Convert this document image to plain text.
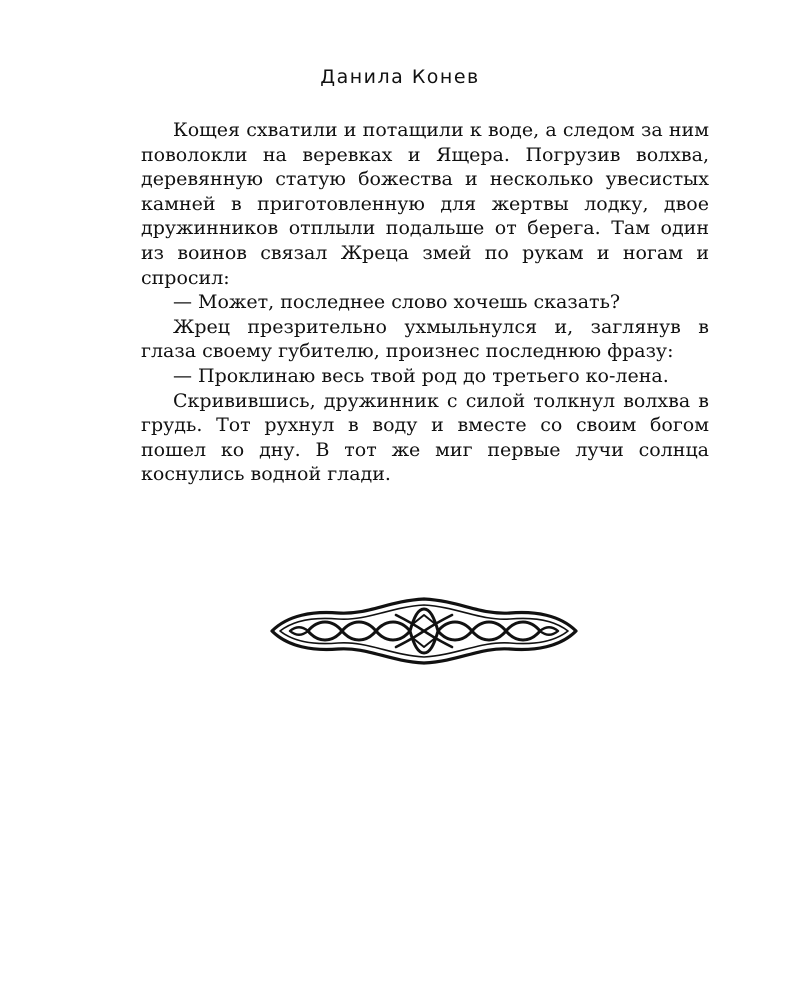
Данила Конев

Кощея схватили и потащили к воде, а следом за ним поволокли на веревках и Ящера. Погрузив волхва, деревянную статую божества и несколько увесистых камней в приготовленную для жертвы лодку, двое дружинников отплыли подальше от берега. Там один из воинов связал Жреца змей по рукам и ногам и спросил:

— Может, последнее слово хочешь сказать?

Жрец презрительно ухмыльнулся и, заглянув в глаза своему губителю, произнес последнюю фразу:

— Проклинаю весь твой род до третьего ко-лена.

Скривившись, дружинник с силой толкнул волхва в грудь. Тот рухнул в воду и вместе со своим богом пошел ко дну. В тот же миг первые лучи солнца коснулись водной глади.
